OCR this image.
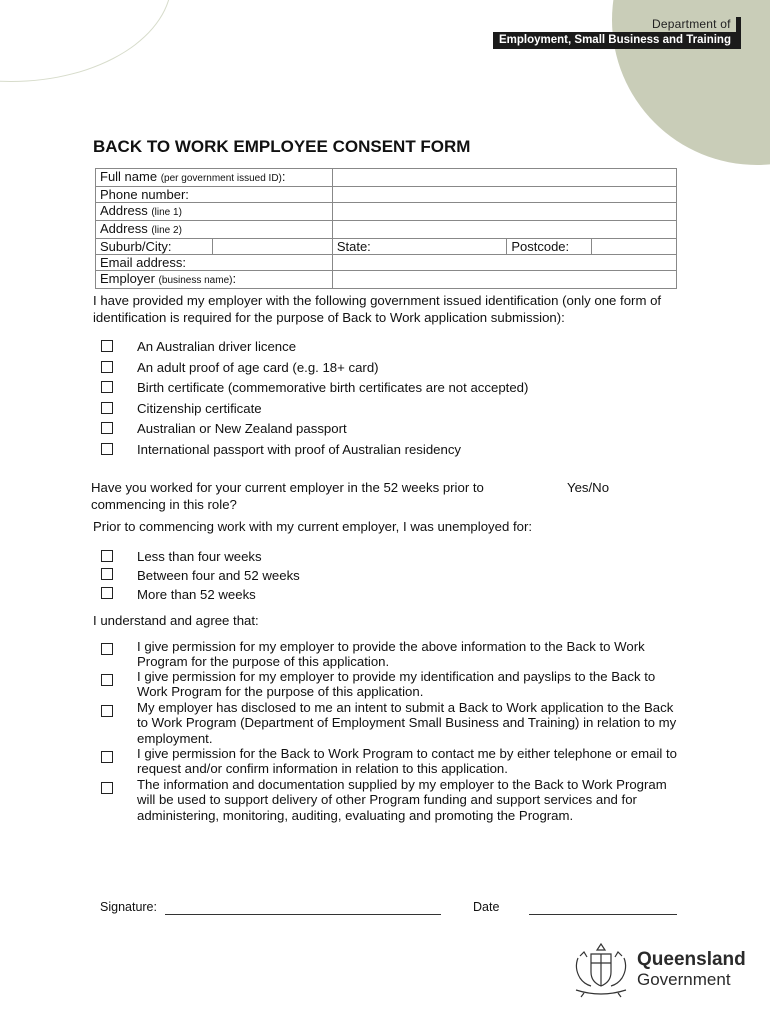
Department of
Employment, Small Business and Training
BACK TO WORK EMPLOYEE CONSENT FORM
Full name (per government issued ID):				
Phone number:				
Address (line 1)				
Address (line 2)				
Suburb/City:		State:	Postcode:	
Email address:				
Employer (business name):				
I have provided my employer with the following government issued identification (only one form of identification is required for the purpose of Back to Work application submission):
An Australian driver licence
An adult proof of age card (e.g. 18+ card)
Birth certificate (commemorative birth certificates are not accepted)
Citizenship certificate
Australian or New Zealand passport
International passport with proof of Australian residency
Have you worked for your current employer in the 52 weeks prior to commencing in this role?
Yes/No
Prior to commencing work with my current employer, I was unemployed for:
Less than four weeks
Between four and 52 weeks
More than 52 weeks
I understand and agree that:
I give permission for my employer to provide the above information to the Back to Work Program for the purpose of this application.
I give permission for my employer to provide my identification and payslips to the Back to Work Program for the purpose of this application.
My employer has disclosed to me an intent to submit a Back to Work application to the Back to Work Program (Department of Employment Small Business and Training) in relation to my employment.
I give permission for the Back to Work Program to contact me by either telephone or email to request and/or confirm information in relation to this application.
The information and documentation supplied by my employer to the Back to Work Program will be used to support delivery of other Program funding and support services and for administering, monitoring, auditing, evaluating and promoting the Program.
Signature:	Date
Queensland
Government
